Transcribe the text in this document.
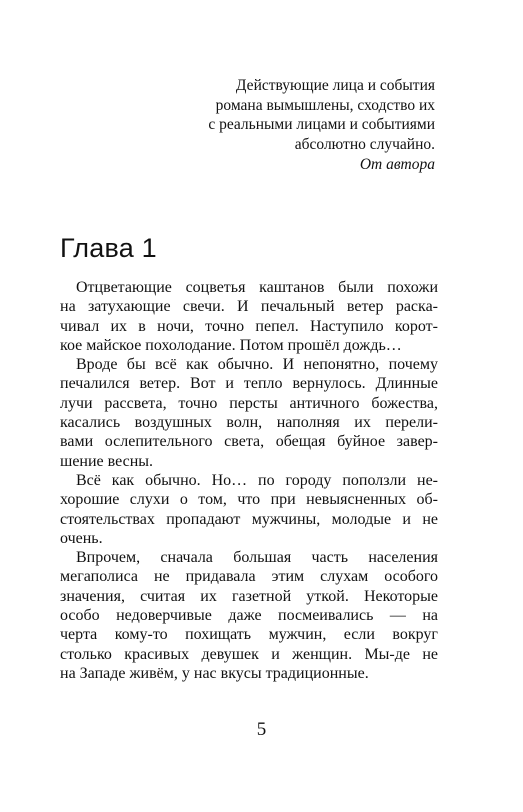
Действующие лица и события
романа вымышлены, сходство их
с реальными лицами и событиями
абсолютно случайно.
От автора
Глава 1

Отцветающие соцветья каштанов были похожи
на затухающие свечи. И печальный ветер раска-
чивал их в ночи, точно пепел. Наступило корот-
кое майское похолодание. Потом прошёл дождь…

Вроде бы всё как обычно. И непонятно, почему
печалился ветер. Вот и тепло вернулось. Длинные
лучи рассвета, точно персты античного божества,
касались воздушных волн, наполняя их перели-
вами ослепительного света, обещая буйное завер-
шение весны.

Всё как обычно. Но… по городу поползли не-
хорошие слухи о том, что при невыясненных об-
стоятельствах пропадают мужчины, молодые и не
очень.

Впрочем, сначала большая часть населения
мегаполиса не придавала этим слухам особого
значения, считая их газетной уткой. Некоторые
особо недоверчивые даже посмеивались — на
черта кому-то похищать мужчин, если вокруг
столько красивых девушек и женщин. Мы-де не
на Западе живём, у нас вкусы традиционные.

5
